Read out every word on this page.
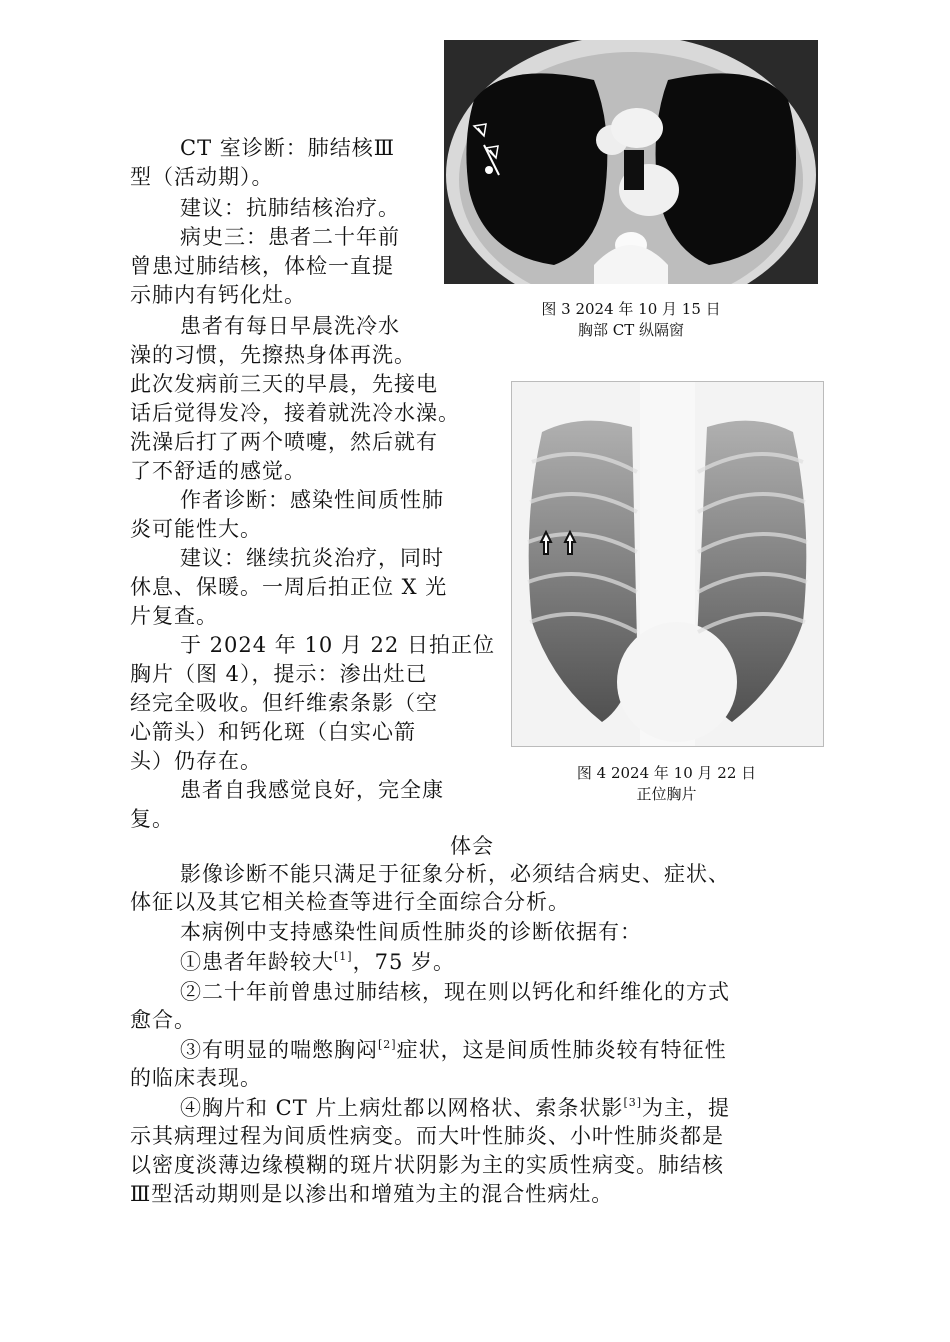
CT 室诊断：肺结核Ⅲ
型（活动期）。
建议：抗肺结核治疗。
病史三：患者二十年前
曾患过肺结核，体检一直提
示肺内有钙化灶。
患者有每日早晨洗冷水
澡的习惯，先擦热身体再洗。
此次发病前三天的早晨，先接电
话后觉得发冷，接着就洗冷水澡。
洗澡后打了两个喷嚏，然后就有
了不舒适的感觉。
作者诊断：感染性间质性肺
炎可能性大。
建议：继续抗炎治疗，同时
休息、保暖。一周后拍正位 X 光
片复查。
于 2024 年 10 月 22 日拍正位
胸片（图 4），提示：渗出灶已
经完全吸收。但纤维索条影（空
心箭头）和钙化斑（白实心箭
头）仍存在。
患者自我感觉良好，完全康
复。
图 3 2024 年 10 月 15 日
胸部 CT 纵隔窗
图 4 2024 年 10 月 22 日
正位胸片
体会
影像诊断不能只满足于征象分析，必须结合病史、症状、
体征以及其它相关检查等进行全面综合分析。
本病例中支持感染性间质性肺炎的诊断依据有：
①患者年龄较大[1]，75 岁。
②二十年前曾患过肺结核，现在则以钙化和纤维化的方式
愈合。
③有明显的喘憋胸闷[2]症状，这是间质性肺炎较有特征性
的临床表现。
④胸片和 CT 片上病灶都以网格状、索条状影[3]为主，提
示其病理过程为间质性病变。而大叶性肺炎、小叶性肺炎都是
以密度淡薄边缘模糊的斑片状阴影为主的实质性病变。肺结核
Ⅲ型活动期则是以渗出和增殖为主的混合性病灶。
